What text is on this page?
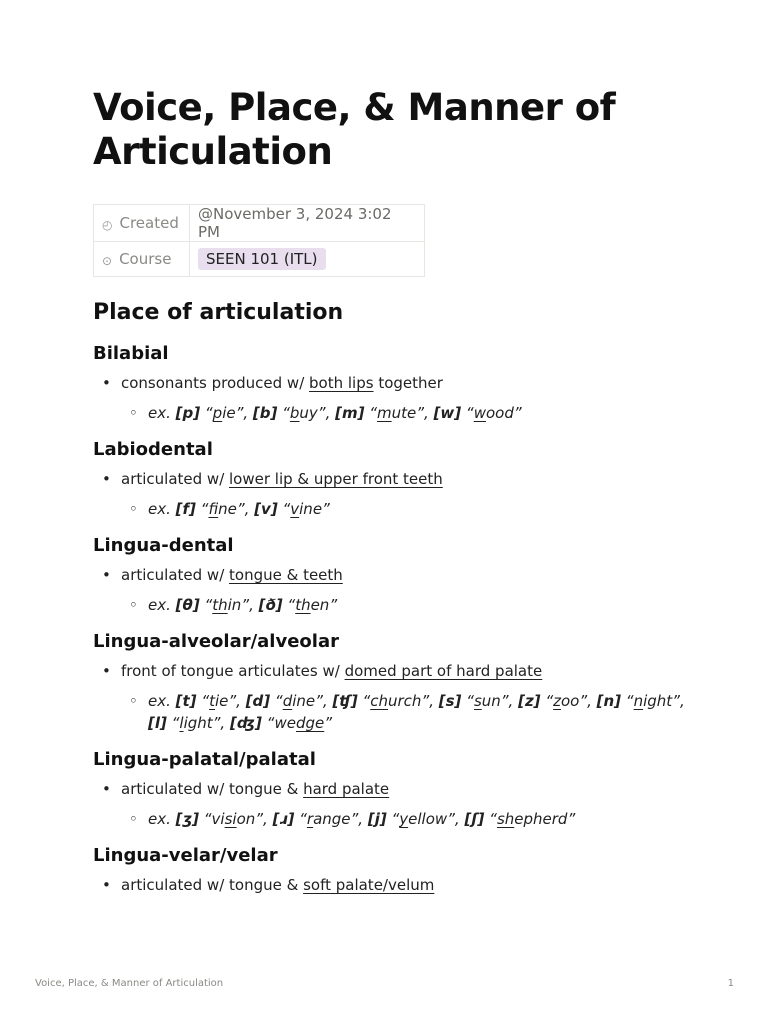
Voice, Place, & Manner of Articulation
◴ Created	@November 3, 2024 3:02 PM
⊙ Course	SEEN 101 (ITL)
Place of articulation
Bilabial
• consonants produced w/ both lips together
◦ ex. [p] “pie”, [b] “buy”, [m] “mute”, [w] “wood”
Labiodental
• articulated w/ lower lip & upper front teeth
◦ ex. [f] “fine”, [v] “vine”
Lingua-dental
• articulated w/ tongue & teeth
◦ ex. [θ] “thin”, [ð] “then”
Lingua-alveolar/alveolar
• front of tongue articulates w/ domed part of hard palate
◦ ex. [t] “tie”, [d] “dine”, [ʧ] “church”, [s] “sun”, [z] “zoo”, [n] “night”, [l] “light”, [ʤ] “wedge”
Lingua-palatal/palatal
• articulated w/ tongue & hard palate
◦ ex. [ʒ] “vision”, [ɹ] “range”, [j] “yellow”, [ʃ] “shepherd”
Lingua-velar/velar
• articulated w/ tongue & soft palate/velum
Voice, Place, & Manner of Articulation	1
